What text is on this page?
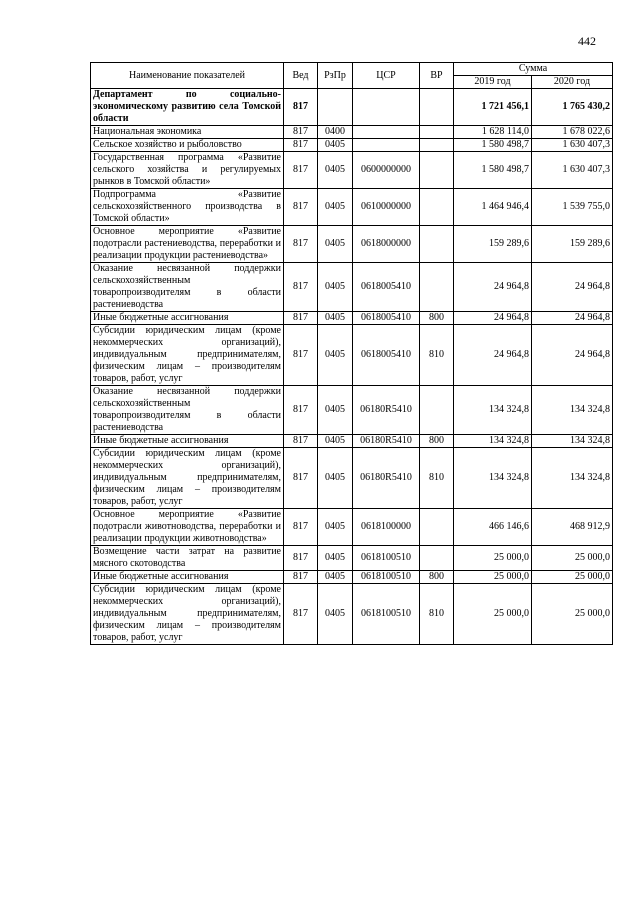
442
Наименование показателей	Вед	РзПр	ЦСР	ВР	Сумма	
					2019 год	2020 год
Департамент по социально-экономическому развитию села Томской области	817				1 721 456,1	1 765 430,2
Национальная экономика	817	0400			1 628 114,0	1 678 022,6
Сельское хозяйство и рыболовство	817	0405			1 580 498,7	1 630 407,3
Государственная программа «Развитие сельского хозяйства и регулируемых рынков в Томской области»	817	0405	0600000000		1 580 498,7	1 630 407,3
Подпрограмма «Развитие сельскохозяйственного производства в Томской области»	817	0405	0610000000		1 464 946,4	1 539 755,0
Основное мероприятие «Развитие подотрасли растениеводства, переработки и реализации продукции растениеводства»	817	0405	0618000000		159 289,6	159 289,6
Оказание несвязанной поддержки сельскохозяйственным товаропроизводителям в области растениеводства	817	0405	0618005410		24 964,8	24 964,8
Иные бюджетные ассигнования	817	0405	0618005410	800	24 964,8	24 964,8
Субсидии юридическим лицам (кроме некоммерческих организаций), индивидуальным предпринимателям, физическим лицам – производителям товаров, работ, услуг	817	0405	0618005410	810	24 964,8	24 964,8
Оказание несвязанной поддержки сельскохозяйственным товаропроизводителям в области растениеводства	817	0405	06180R5410		134 324,8	134 324,8
Иные бюджетные ассигнования	817	0405	06180R5410	800	134 324,8	134 324,8
Субсидии юридическим лицам (кроме некоммерческих организаций), индивидуальным предпринимателям, физическим лицам – производителям товаров, работ, услуг	817	0405	06180R5410	810	134 324,8	134 324,8
Основное мероприятие «Развитие подотрасли животноводства, переработки и реализации продукции животноводства»	817	0405	0618100000		466 146,6	468 912,9
Возмещение части затрат на развитие мясного скотоводства	817	0405	0618100510		25 000,0	25 000,0
Иные бюджетные ассигнования	817	0405	0618100510	800	25 000,0	25 000,0
Субсидии юридическим лицам (кроме некоммерческих организаций), индивидуальным предпринимателям, физическим лицам – производителям товаров, работ, услуг	817	0405	0618100510	810	25 000,0	25 000,0
